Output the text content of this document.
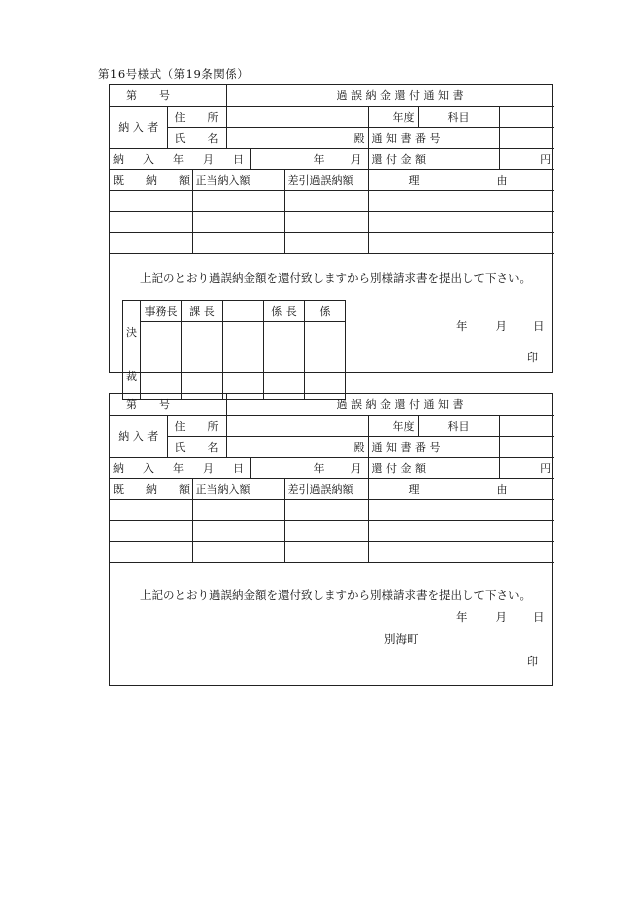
第16号様式（第19条関係）
第　　号			過 誤 納 金 還 付 通 知 書					
納 入 者	住　　所					年度	科目	
	氏　　名		殿			通 知 書 番 号		
納　入　年　月　日				年 月		還 付 金 額		円
既　　納　　額		正当納入額			差引過誤納額	理　　　　　　　由		

上記のとおり過誤納金額を還付致しますから別様請求書を提出して下さい。
決
裁	事務長	課 長		係 長	係

年 月 日
印
第　　号			過 誤 納 金 還 付 通 知 書					
納 入 者	住　　所					年度	科目	
	氏　　名		殿			通 知 書 番 号		
納　入　年　月　日				年 月		還 付 金 額		円
既　　納　　額		正当納入額			差引過誤納額	理　　　　　　　由		

上記のとおり過誤納金額を還付致しますから別様請求書を提出して下さい。
年 月 日
別海町
印
